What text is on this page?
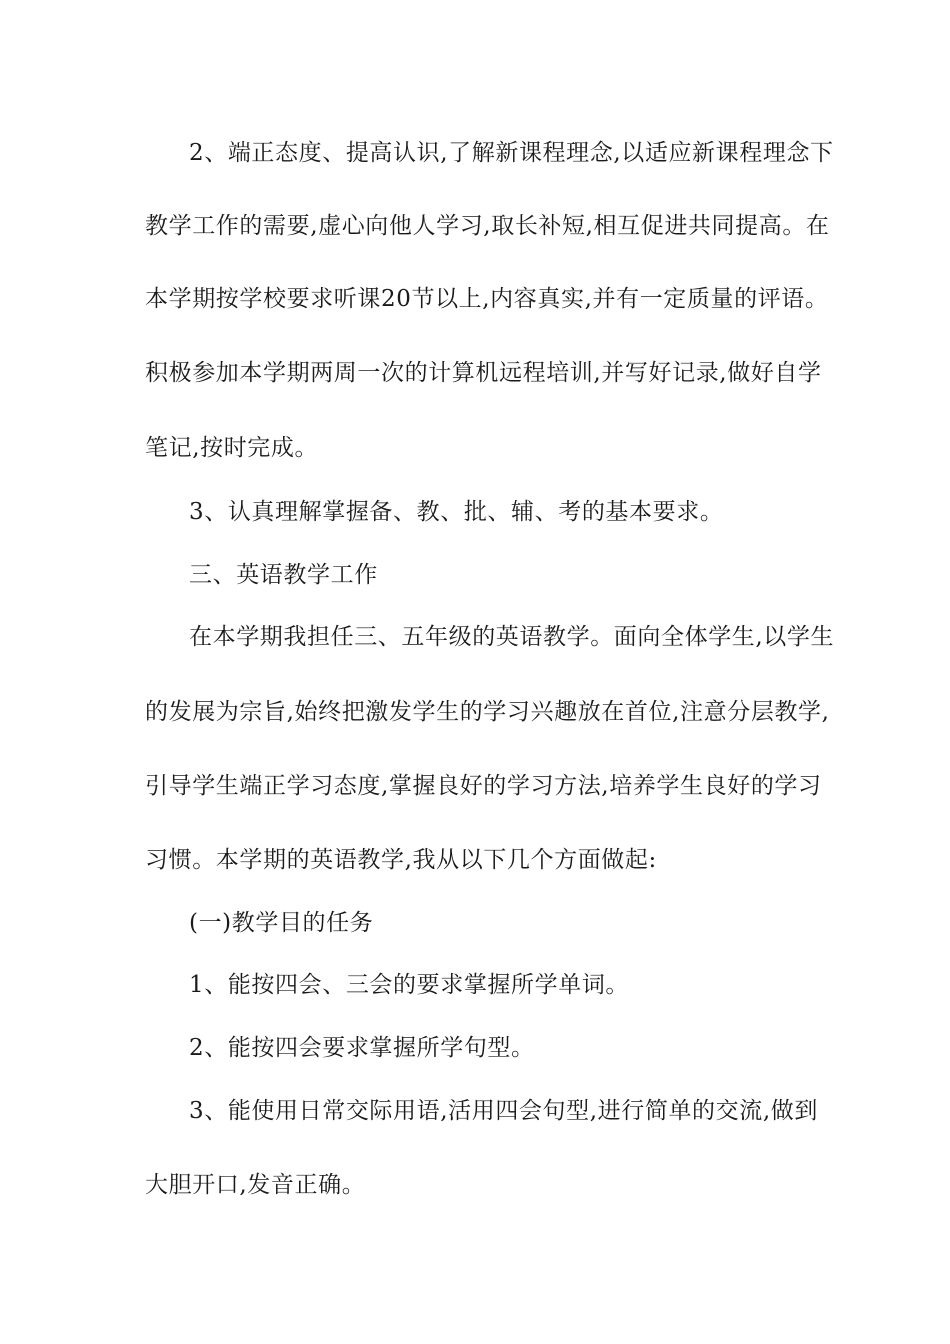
2、端正态度、提高认识,了解新课程理念,以适应新课程理念下
教学工作的需要,虚心向他人学习,取长补短,相互促进共同提高。在
本学期按学校要求听课20节以上,内容真实,并有一定质量的评语。
积极参加本学期两周一次的计算机远程培训,并写好记录,做好自学
笔记,按时完成。
3、认真理解掌握备、教、批、辅、考的基本要求。
三、英语教学工作
在本学期我担任三、五年级的英语教学。面向全体学生,以学生
的发展为宗旨,始终把激发学生的学习兴趣放在首位,注意分层教学,
引导学生端正学习态度,掌握良好的学习方法,培养学生良好的学习
习惯。本学期的英语教学,我从以下几个方面做起:
(一)教学目的任务
1、能按四会、三会的要求掌握所学单词。
2、能按四会要求掌握所学句型。
3、能使用日常交际用语,活用四会句型,进行简单的交流,做到
大胆开口,发音正确。
